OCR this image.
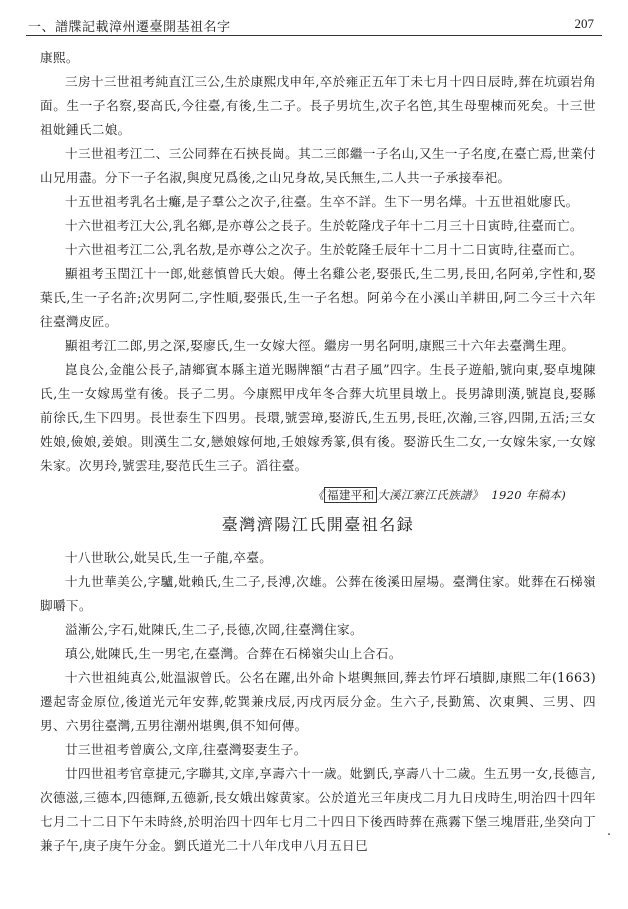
一、譜牒記載漳州遷臺開基祖名字	207

康熙。

三房十三世祖考純直江三公,生於康熙戊申年,卒於雍正五年丁未七月十四日辰時,葬在坑頭岩角面。生一子名察,娶高氏,今往臺,有後,生二子。長子男坑生,次子名笆,其生母聖棟而死矣。十三世祖妣鍾氏二娘。

十三世祖考江二、三公同葬在石挾長崗。其二三郎繼一子名山,又生一子名度,在臺亡焉,世業付山兄用盡。分下一子名淑,與度兄爲後,之山兄身故,吴氏無生,二人共一子承接奉祀。

十五世祖考乳名士癱,是子羣公之次子,往臺。生卒不詳。生下一男名燁。十五世祖妣廖氏。

十六世祖考江大公,乳名鄉,是亦尊公之長子。生於乾隆戊子年十二月三十日寅時,往臺而亡。

十六世祖考江二公,乳名敖,是亦尊公之次子。生於乾隆壬辰年十二月十二日寅時,往臺而亡。

顯祖考玉閏江十一郎,妣慈慎曾氏大娘。傳土名雞公老,娶張氏,生二男,長田,名阿弟,字性和,娶葉氏,生一子名許;次男阿二,字性順,娶張氏,生一子名想。阿弟今在小溪山羊耕田,阿二今三十六年往臺灣皮匠。

顯祖考江二郎,男之深,娶廖氏,生一女嫁大徑。繼房一男名阿明,康熙三十六年去臺灣生理。

崑良公,金龍公長子,請鄉賓本縣主道光賜牌額“古君子風”四字。生長子遊船,號向東,娶卓塊陳氏,生一女嫁馬堂有後。長子二男。今康熙甲戌年冬合葬大坑里員墩上。長男諱則漢,號崑良,娶縣前徐氏,生下四男。長世泰生下四男。長環,號雲璋,娶游氏,生五男,長旺,次瀚,三容,四開,五活;三女姓娘,儉娘,姜娘。則漢生二女,戀娘嫁何地,壬娘嫁秀篆,俱有後。娶游氏生二女,一女嫁朱家,一女嫁朱家。次男玲,號雲珪,娶范氏生三子。滔往臺。

《 福建平和 大溪江寨江氏族譜》 1920 年稿本)
臺灣濟陽江氏開臺祖名録

十八世耿公,妣吴氏,生一子龍,卒臺。

十九世華美公,字驢,妣賴氏,生二子,長溥,次雄。公葬在後溪田屋場。臺灣住家。妣葬在石梯嶺脚嚼下。

溢漸公,字石,妣陳氏,生二子,長德,次岡,往臺灣住家。

瑱公,妣陳氏,生一男宅,在臺灣。合葬在石梯嶺尖山上合石。

十六世祖純真公,妣温淑曾氏。公名在躍,出外命卜堪輿無回,葬去竹坪石墳脚,康熙二年(1663)遷起寄金原位,後道光元年安葬,乾巽兼戌辰,丙戌丙辰分金。生六子,長勤篤、次東興、三男、四男、六男往臺灣,五男往潮州堪輿,俱不知何傳。

廿三世祖考曾廣公,文庠,往臺灣娶妻生子。

廿四世祖考官章捷元,字聯其,文庠,享壽六十一歲。妣劉氏,享壽八十二歲。生五男一女,長德言,次德滋,三德本,四德輝,五德新,長女娥出嫁黄家。公於道光三年庚戌二月九日戌時生,明治四十四年七月二十二日下午未時終,於明治四十四年七月二十四日下後西時葬在燕霧下堡三塊厝莊,坐癸向丁兼子午,庚子庚午分金。劉氏道光二十八年戊申八月五日巳

・
